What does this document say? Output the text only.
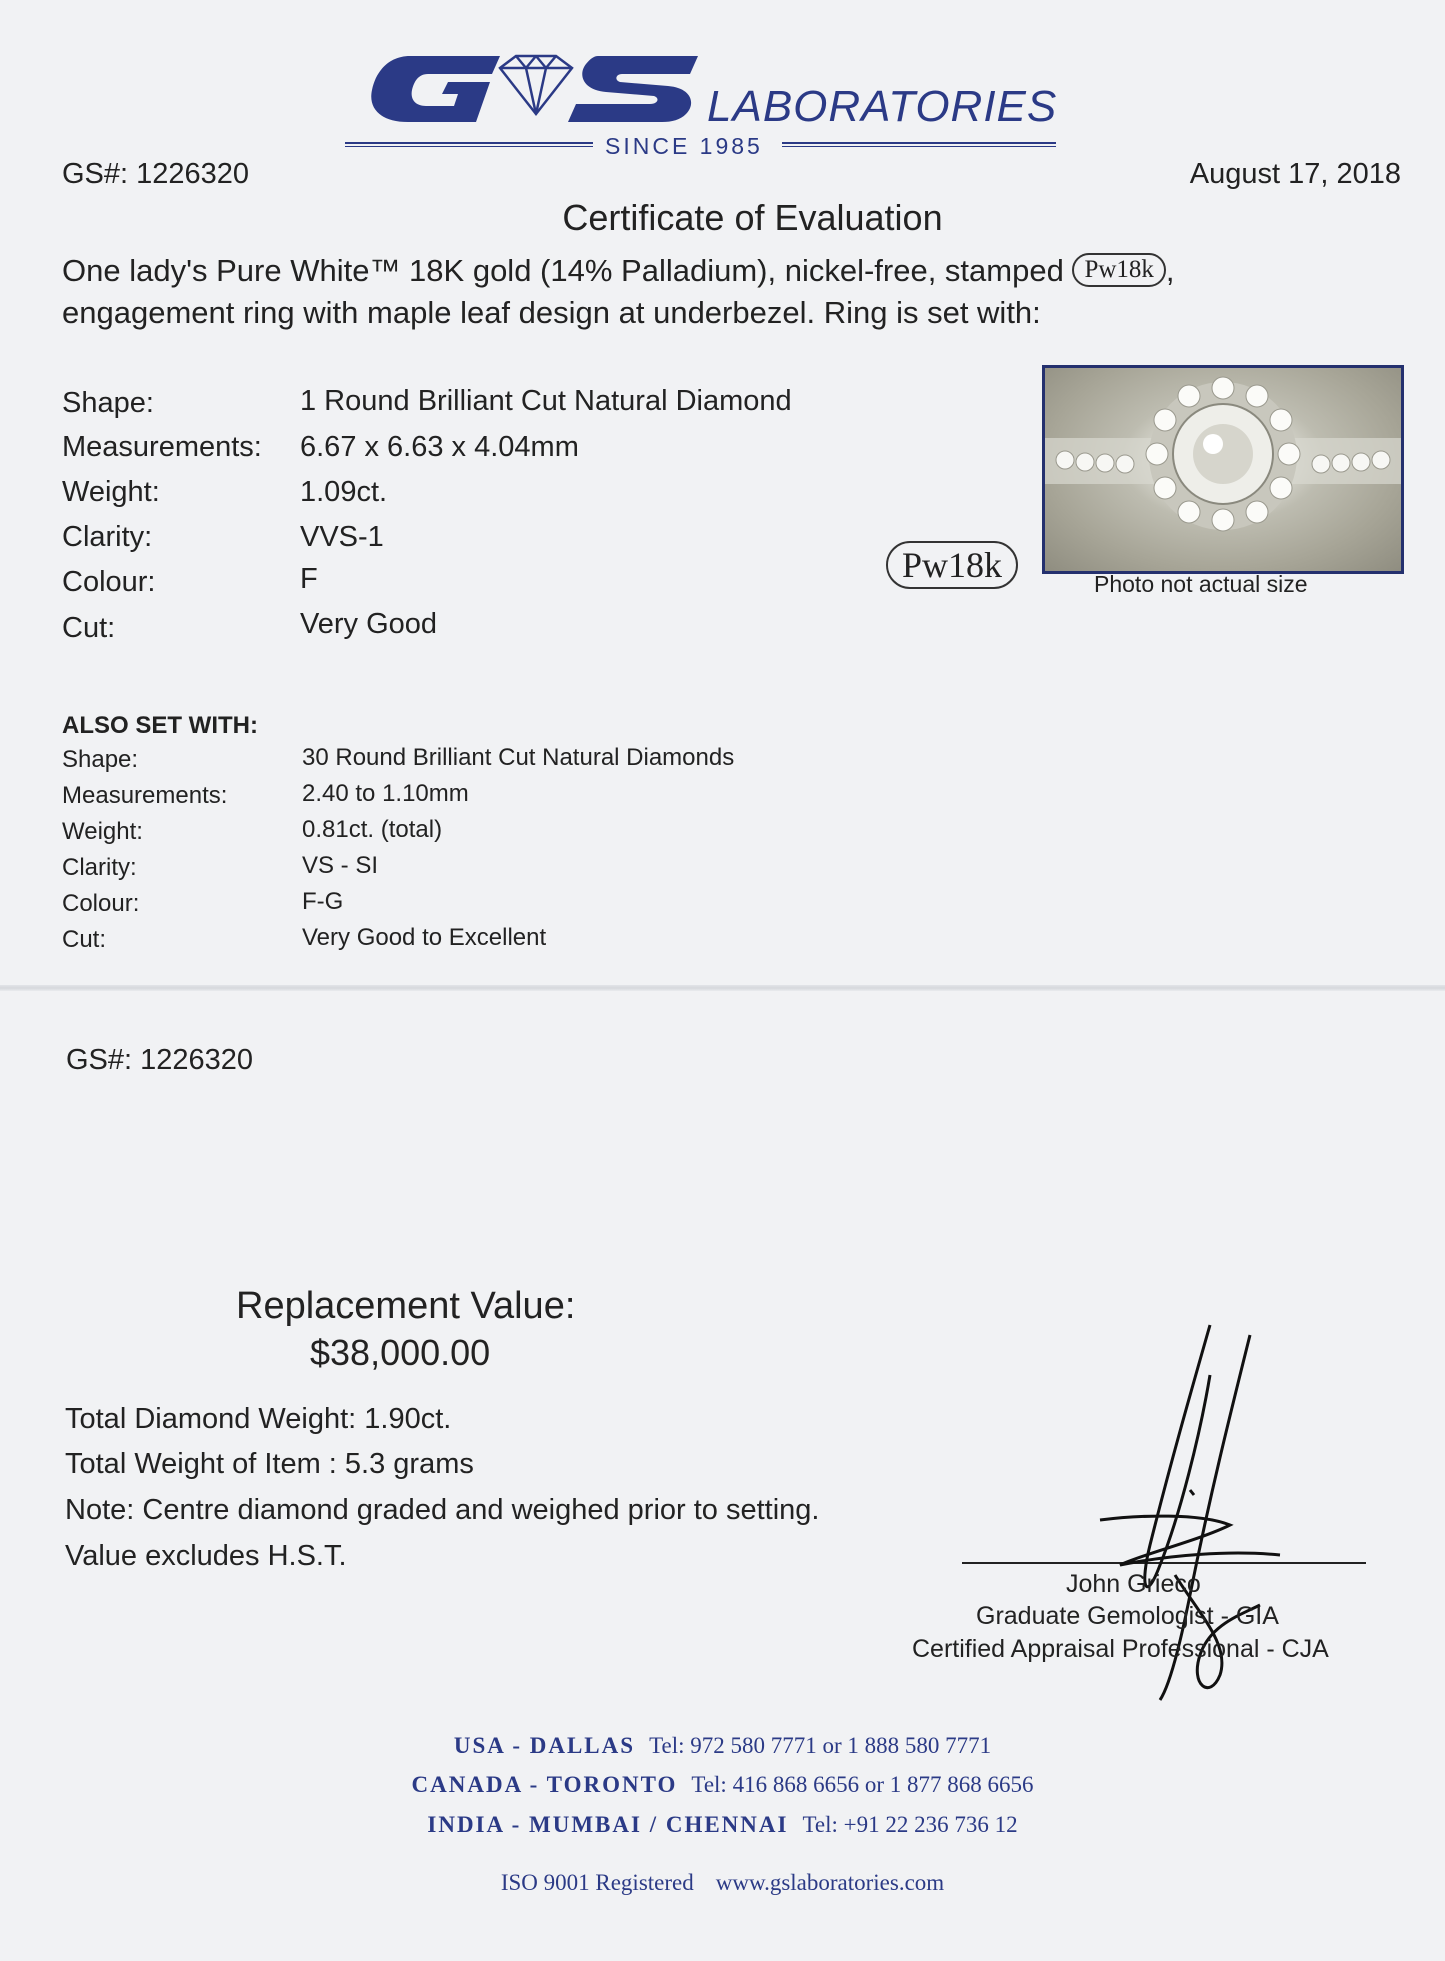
LABORATORIES
SINCE 1985
GS#: 1226320	August 17, 2018
Certificate of Evaluation
One lady's Pure White™ 18K gold (14% Palladium), nickel-free, stamped Pw18k ,
engagement ring with maple leaf design at underbezel. Ring is set with:
Shape:	1 Round Brilliant Cut Natural Diamond
Measurements: 6.67 x 6.63 x 4.04mm
Weight:	1.09ct.
Clarity:	VVS-1
Colour:	F
Cut:	Very Good
Pw18k	Photo not actual size
ALSO SET WITH:
Shape:	30 Round Brilliant Cut Natural Diamonds
Measurements:	2.40 to 1.10mm
Weight:	0.81ct. (total)
Clarity:	VS - SI
Colour:	F-G
Cut:	Very Good to Excellent
GS#: 1226320
Replacement Value:
$38,000.00
Total Diamond Weight: 1.90ct.
Total Weight of Item : 5.3 grams
Note: Centre diamond graded and weighed prior to setting.
Value excludes H.S.T.
John Grieco
Graduate Gemologist - GIA
Certified Appraisal Professional - CJA
USA - DALLAS Tel: 972 580 7771 or 1 888 580 7771
CANADA - TORONTO Tel: 416 868 6656 or 1 877 868 6656
INDIA - MUMBAI / CHENNAI Tel: +91 22 236 736 12
ISO 9001 Registered www.gslaboratories.com
